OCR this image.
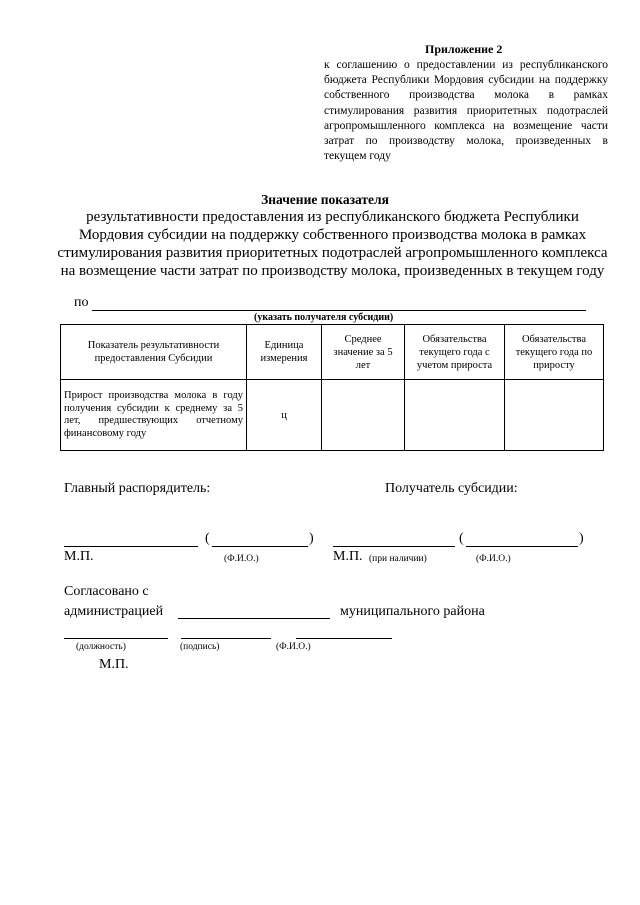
Приложение 2
к соглашению о предоставлении из республиканского бюджета Республики Мордовия субсидии на поддержку собственного производства молока в рамках стимулирования развития приоритетных подотраслей агропромышленного комплекса на возмещение части затрат по производству молока, произведенных в текущем году
Значение показателя
результативности предоставления из республиканского бюджета Республики Мордовия субсидии на поддержку собственного производства молока в рамках стимулирования развития приоритетных подотраслей агропромышленного комплекса на возмещение части затрат по производству молока, произведенных в текущем году
по
(указать получателя субсидии)
Показатель результативности предоставления Субсидии	Единица измерения	Среднее значение за 5 лет	Обязательства текущего года с учетом прироста	Обязательства текущего года по приросту
Прирост производства молока в году получения субсидии к среднему за 5 лет, предшествующих отчетному финансовому году	ц			
Главный распорядитель:	Получатель субсидии:
(	)
М.П.	(Ф.И.О.)
(	)
М.П. (при наличии)	(Ф.И.О.)
Согласовано с
администрацией	муниципального района
(должность)	(подпись)	(Ф.И.О.)
М.П.
